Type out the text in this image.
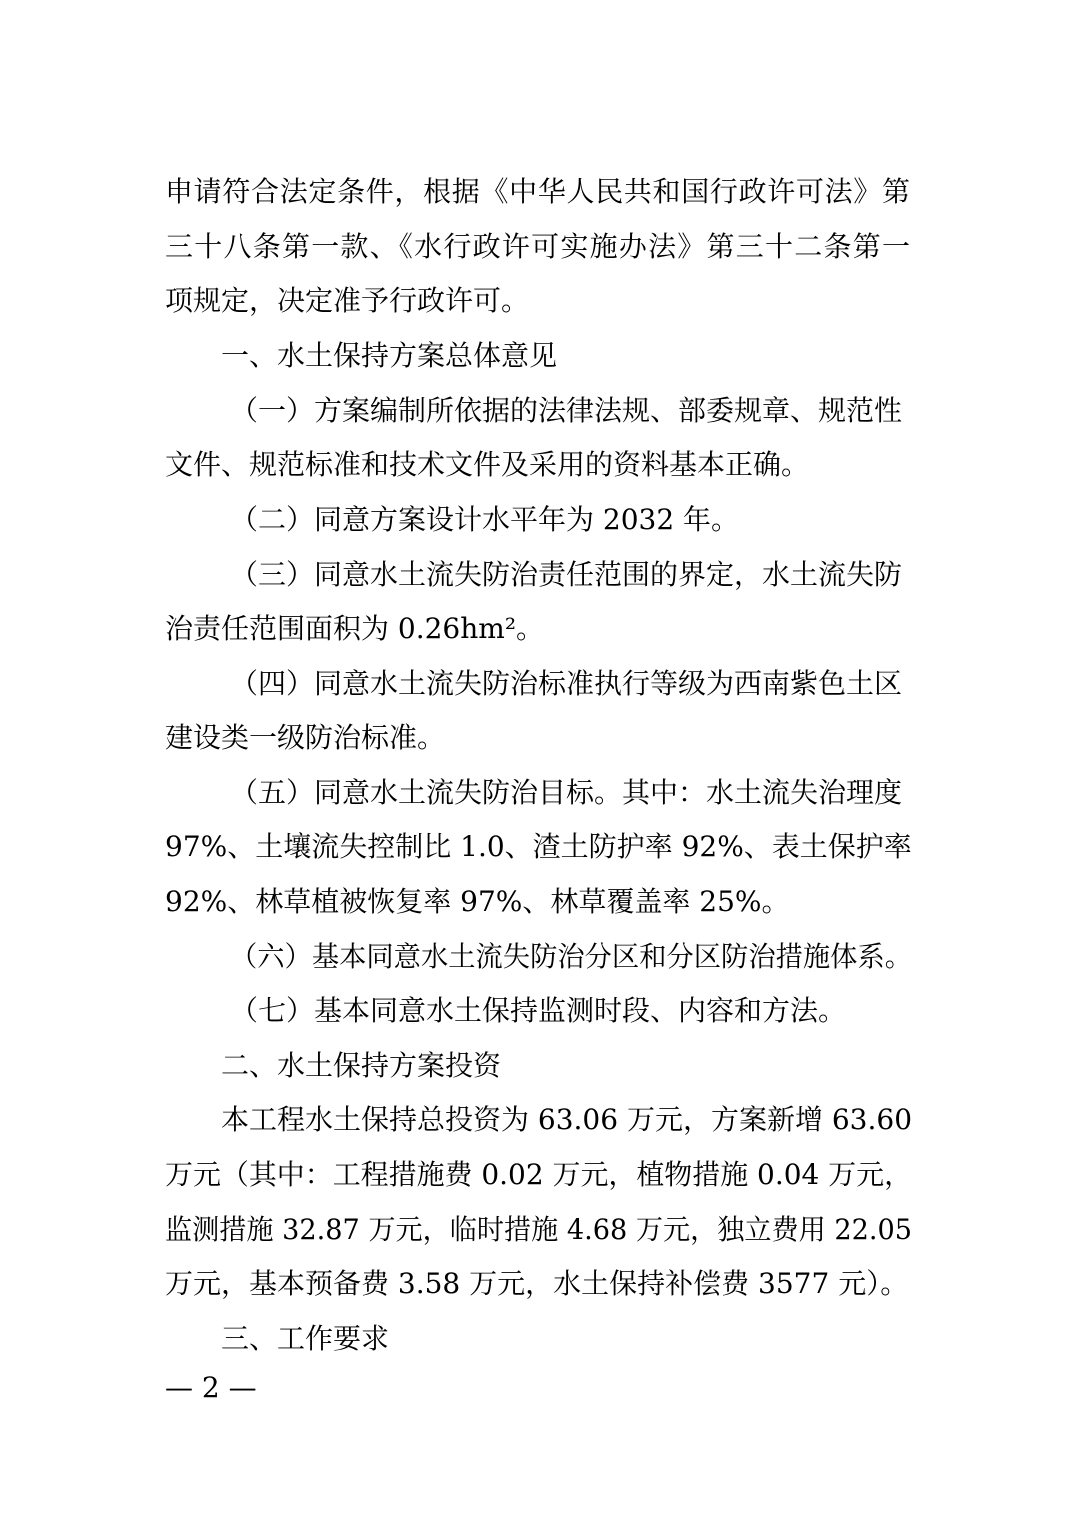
申请符合法定条件，根据《中华人民共和国行政许可法》第
三十八条第一款、《水行政许可实施办法》第三十二条第一
项规定，决定准予行政许可。
一、水土保持方案总体意见
（一）方案编制所依据的法律法规、部委规章、规范性
文件、规范标准和技术文件及采用的资料基本正确。
（二）同意方案设计水平年为 2032 年。
（三）同意水土流失防治责任范围的界定，水土流失防
治责任范围面积为 0.26hm²。
（四）同意水土流失防治标准执行等级为西南紫色土区
建设类一级防治标准。
（五）同意水土流失防治目标。其中：水土流失治理度
97%、土壤流失控制比 1.0、渣土防护率 92%、表土保护率
92%、林草植被恢复率 97%、林草覆盖率 25%。
（六）基本同意水土流失防治分区和分区防治措施体系。
（七）基本同意水土保持监测时段、内容和方法。
二、水土保持方案投资
本工程水土保持总投资为 63.06 万元，方案新增 63.60
万元（其中：工程措施费 0.02 万元，植物措施 0.04 万元，
监测措施 32.87 万元，临时措施 4.68 万元，独立费用 22.05
万元，基本预备费 3.58 万元，水土保持补偿费 3577 元）。
三、工作要求
— 2 —
